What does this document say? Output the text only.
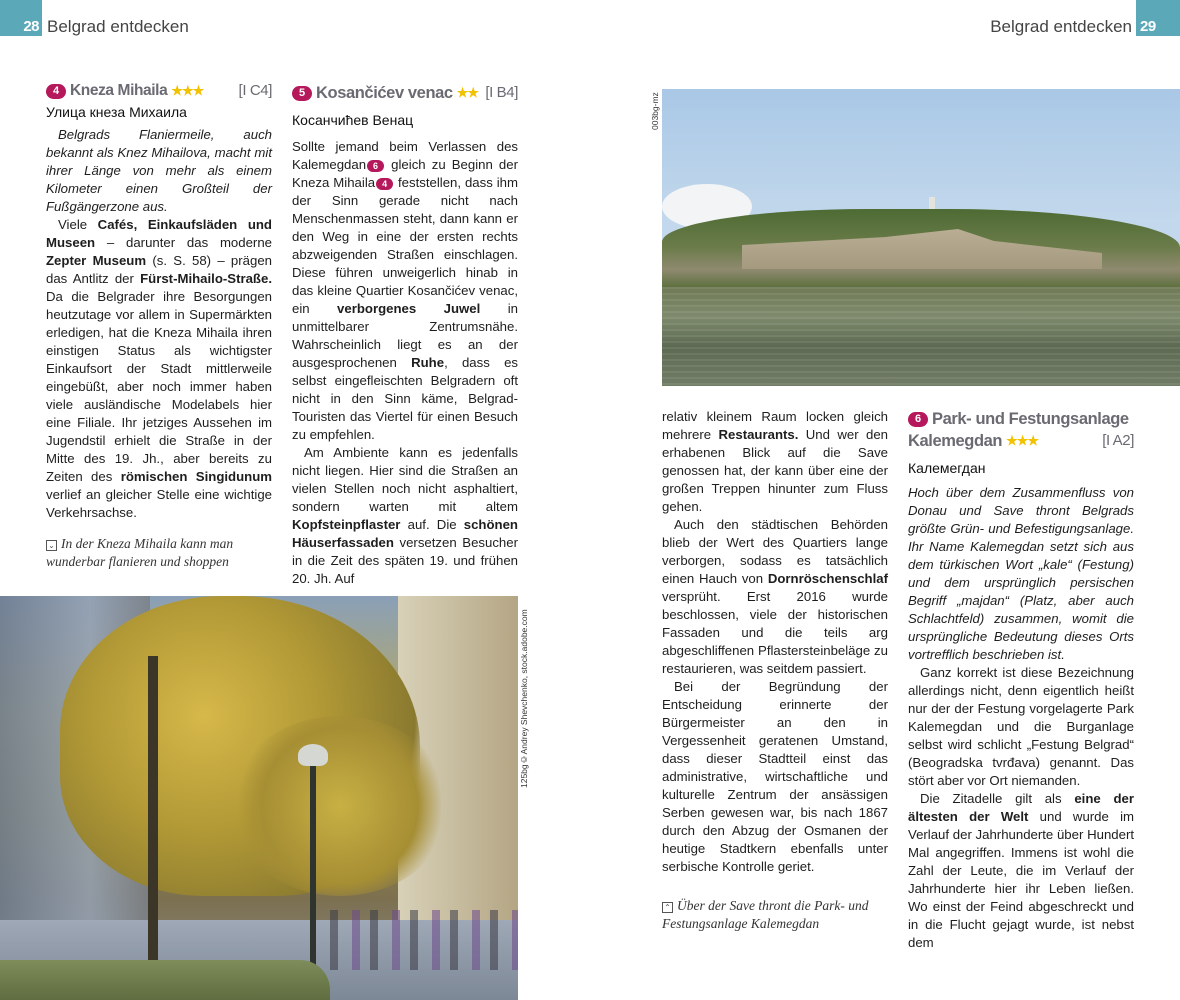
28 Belgrad entdecken	Belgrad entdecken 29
4 Kneza Mihaila ★★★ [I C4]
Улица кнеза Михаила

Belgrads Flaniermeile, auch bekannt als Knez Mihailova, macht mit ihrer Länge von mehr als einem Kilometer einen Großteil der Fußgängerzone aus.

Viele Cafés, Einkaufsläden und Museen – darunter das moderne Zepter Museum (s. S. 58) – prägen das Antlitz der Fürst-Mihailo-Straße. Da die Belgrader ihre Besorgungen heutzutage vor allem in Supermärkten erledigen, hat die Kneza Mihaila ihren einstigen Status als wichtigster Einkaufsort der Stadt mittlerweile eingebüßt, aber noch immer haben viele ausländische Modelabels hier eine Filiale. Ihr jetziges Aussehen im Jugendstil erhielt die Straße in der Mitte des 19. Jh., aber bereits zu Zeiten des römischen Singidunum verlief an gleicher Stelle eine wichtige Verkehrsachse.

⌄ In der Kneza Mihaila kann man wunderbar flanieren und shoppen
5 Kosančićev venac ★★ [I B4]
Косанчићев Венац

Sollte jemand beim Verlassen des Kalemegdan 6 gleich zu Beginn der Kneza Mihaila 4 feststellen, dass ihm der Sinn gerade nicht nach Menschenmassen steht, dann kann er den Weg in eine der ersten rechts abzweigenden Straßen einschlagen. Diese führen unweigerlich hinab in das kleine Quartier Kosančićev venac, ein verborgenes Juwel in unmittelbarer Zentrumsnähe. Wahrscheinlich liegt es an der ausgesprochenen Ruhe, dass es selbst eingefleischten Belgradern oft nicht in den Sinn käme, Belgrad-Touristen das Viertel für einen Besuch zu empfehlen.

Am Ambiente kann es jedenfalls nicht liegen. Hier sind die Straßen an vielen Stellen noch nicht asphaltiert, sondern warten mit altem Kopfsteinpflaster auf. Die schönen Häuserfassaden versetzen Besucher in die Zeit des späten 19. und frühen 20. Jh. Auf

125bg©Andrey Shevchenko, stock.adobe.com
003bg-mz

relativ kleinem Raum locken gleich mehrere Restaurants. Und wer den erhabenen Blick auf die Save genossen hat, der kann über eine der großen Treppen hinunter zum Fluss gehen.

Auch den städtischen Behörden blieb der Wert des Quartiers lange verborgen, sodass es tatsächlich einen Hauch von Dornröschenschlaf versprüht. Erst 2016 wurde beschlossen, viele der historischen Fassaden und die teils arg abgeschliffenen Pflastersteinbeläge zu restaurieren, was seitdem passiert.

Bei der Begründung der Entscheidung erinnerte der Bürgermeister an den in Vergessenheit geratenen Umstand, dass dieser Stadtteil einst das administrative, wirtschaftliche und kulturelle Zentrum der ansässigen Serben gewesen war, bis nach 1867 durch den Abzug der Osmanen der heutige Stadtkern ebenfalls unter serbische Kontrolle geriet.

⌃ Über der Save thront die Park- und Festungsanlage Kalemegdan
6 Park- und Festungsanlage
Kalemegdan ★★★	[I A2]
Калемегдан

Hoch über dem Zusammenfluss von Donau und Save thront Belgrads größte Grün- und Befestigungsanlage. Ihr Name Kalemegdan setzt sich aus dem türkischen Wort „kale“ (Festung) und dem ursprünglich persischen Begriff „majdan“ (Platz, aber auch Schlachtfeld) zusammen, womit die ursprüngliche Bedeutung dieses Orts vortrefflich beschrieben ist.

Ganz korrekt ist diese Bezeichnung allerdings nicht, denn eigentlich heißt nur der der Festung vorgelagerte Park Kalemegdan und die Burganlage selbst wird schlicht „Festung Belgrad“ (Beogradska tvrđava) genannt. Das stört aber vor Ort niemanden.

Die Zitadelle gilt als eine der ältesten der Welt und wurde im Verlauf der Jahrhunderte über Hundert Mal angegriffen. Immens ist wohl die Zahl der Leute, die im Verlauf der Jahrhunderte hier ihr Leben ließen. Wo einst der Feind abgeschreckt und in die Flucht gejagt wurde, ist nebst dem
